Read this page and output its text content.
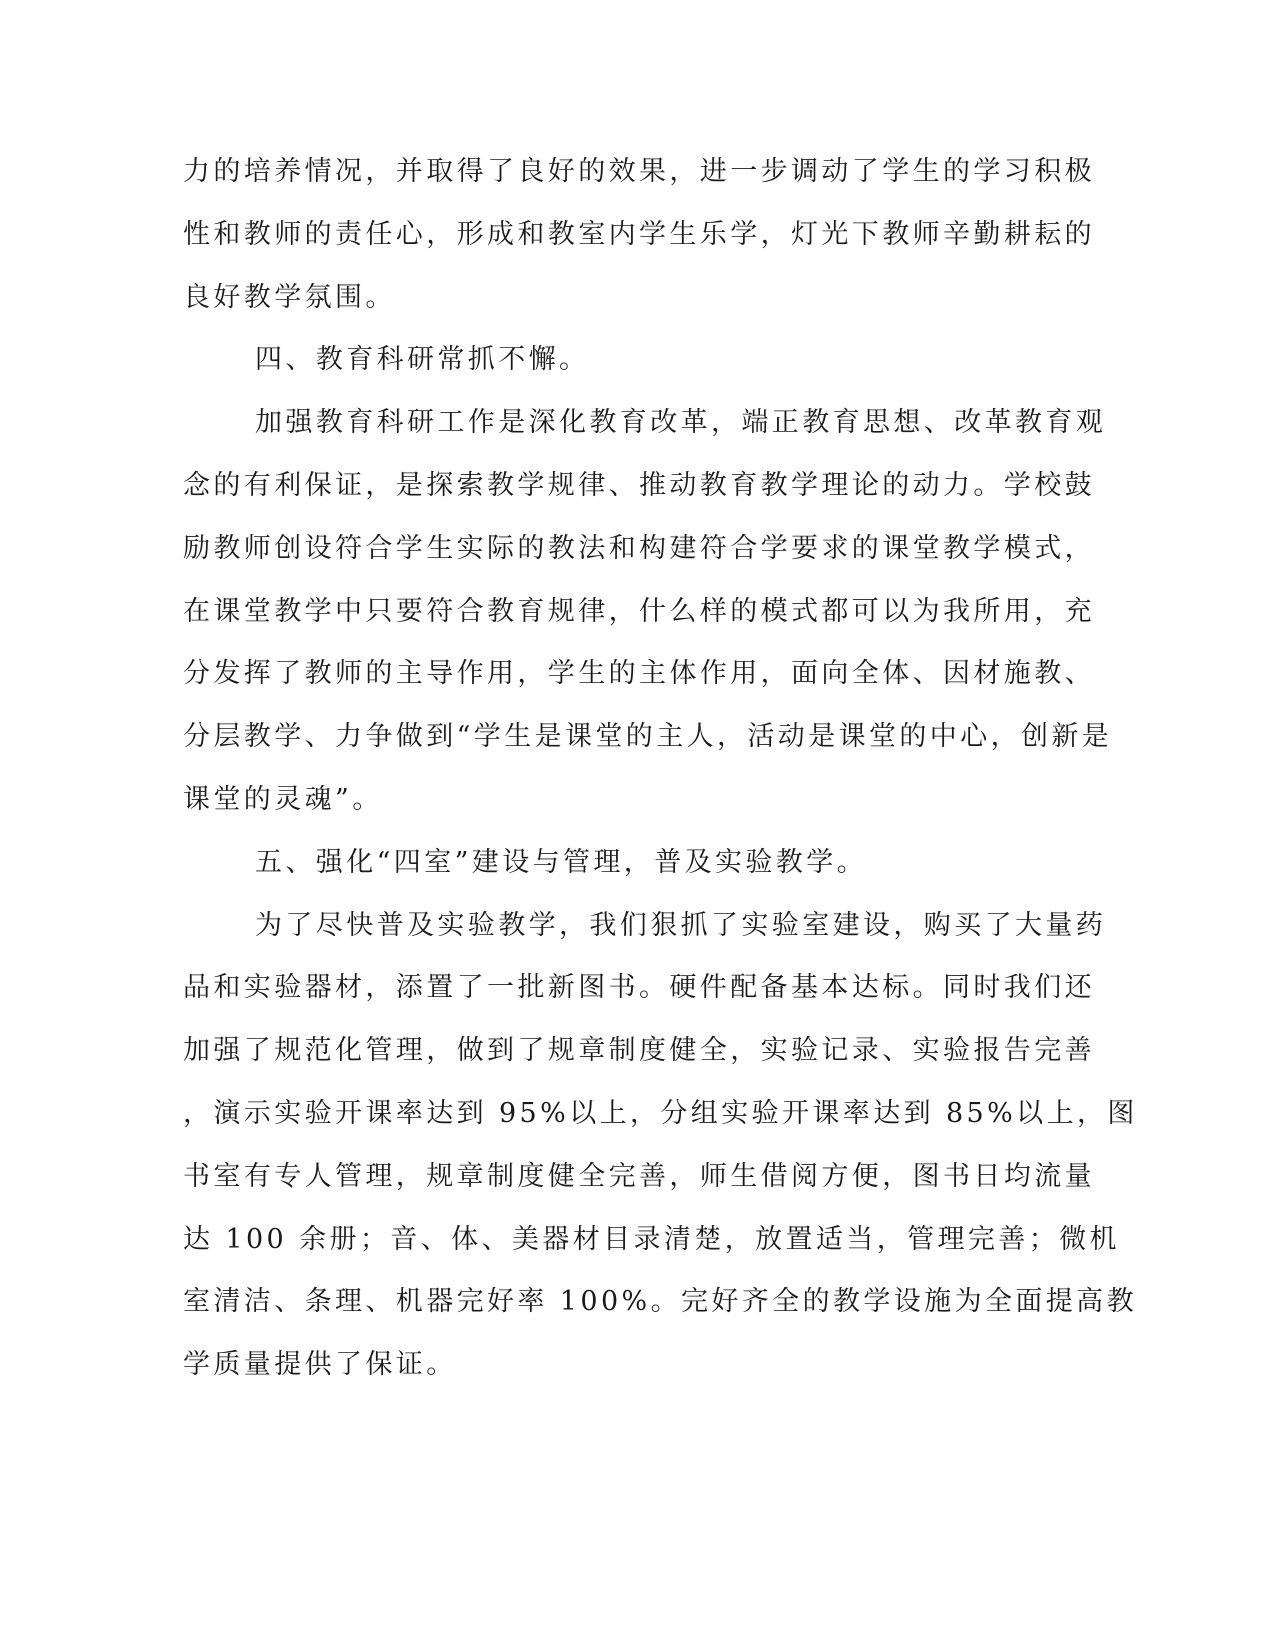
力的培养情况，并取得了良好的效果，进一步调动了学生的学习积极
性和教师的责任心，形成和教室内学生乐学，灯光下教师辛勤耕耘的
良好教学氛围。
四、教育科研常抓不懈。
加强教育科研工作是深化教育改革，端正教育思想、改革教育观
念的有利保证，是探索教学规律、推动教育教学理论的动力。学校鼓
励教师创设符合学生实际的教法和构建符合学要求的课堂教学模式，
在课堂教学中只要符合教育规律，什么样的模式都可以为我所用，充
分发挥了教师的主导作用，学生的主体作用，面向全体、因材施教、
分层教学、力争做到“学生是课堂的主人，活动是课堂的中心，创新是
课堂的灵魂”。
五、强化“四室”建设与管理，普及实验教学。
为了尽快普及实验教学，我们狠抓了实验室建设，购买了大量药
品和实验器材，添置了一批新图书。硬件配备基本达标。同时我们还
加强了规范化管理，做到了规章制度健全，实验记录、实验报告完善
，演示实验开课率达到 95%以上，分组实验开课率达到 85%以上，图
书室有专人管理，规章制度健全完善，师生借阅方便，图书日均流量
达 100 余册；音、体、美器材目录清楚，放置适当，管理完善；微机
室清洁、条理、机器完好率 100%。完好齐全的教学设施为全面提高教
学质量提供了保证。
